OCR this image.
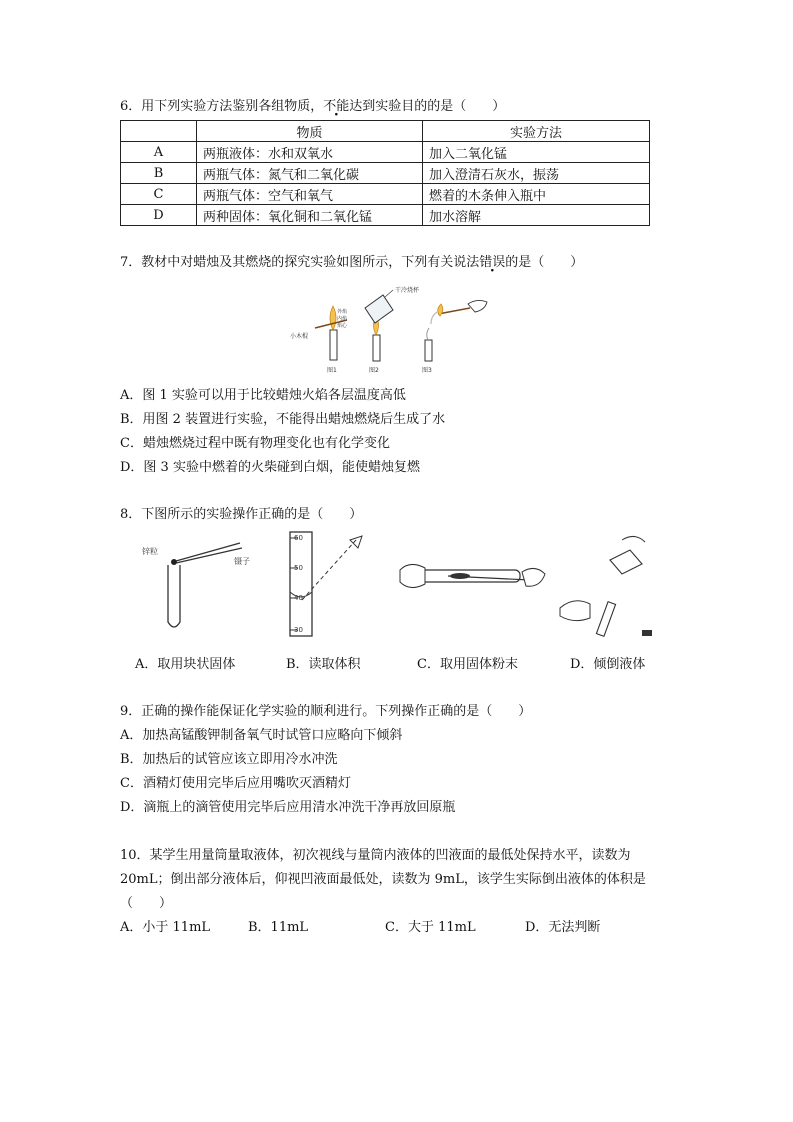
6．用下列实验方法鉴别各组物质，不能达到实验目的的是（　　）
	物质	实验方法
A	两瓶液体：水和双氧水	加入二氧化锰
B	两瓶气体：氮气和二氧化碳	加入澄清石灰水，振荡
C	两瓶气体：空气和氧气	燃着的木条伸入瓶中
D	两种固体：氧化铜和二氧化锰	加水溶解
7．教材中对蜡烛及其燃烧的探究实验如图所示，下列有关说法错误的是（　　）
外焰
内焰
焰心
小木棍
图1
干冷烧杯
图2	图3
A．图 1 实验可以用于比较蜡烛火焰各层温度高低
B．用图 2 装置进行实验，不能得出蜡烛燃烧后生成了水
C．蜡烛燃烧过程中既有物理变化也有化学变化
D．图 3 实验中燃着的火柴碰到白烟，能使蜡烛复燃
8．下图所示的实验操作正确的是（　　）
锌粒
镊子
60
50
40
30
A．取用块状固体	B．读取体积	C．取用固体粉末	D．倾倒液体
9．正确的操作能保证化学实验的顺利进行。下列操作正确的是（　　）
A．加热高锰酸钾制备氧气时试管口应略向下倾斜
B．加热后的试管应该立即用冷水冲洗
C．酒精灯使用完毕后应用嘴吹灭酒精灯
D．滴瓶上的滴管使用完毕后应用清水冲洗干净再放回原瓶
10．某学生用量筒量取液体，初次视线与量筒内液体的凹液面的最低处保持水平，读数为
20mL；倒出部分液体后，仰视凹液面最低处，读数为 9mL，该学生实际倒出液体的体积是
（　　）
A．小于 11mL	B．11mL	C．大于 11mL	D．无法判断
